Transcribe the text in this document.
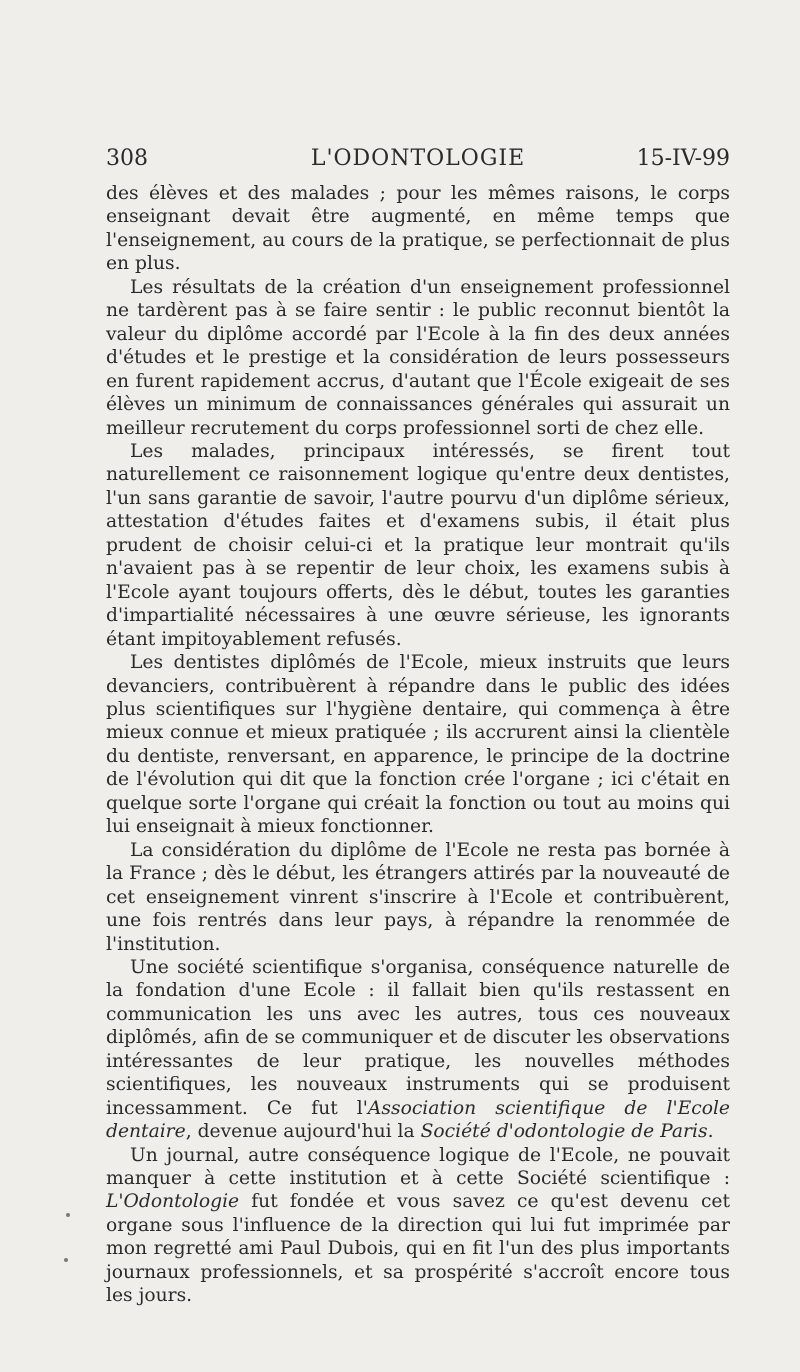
308	L'ODONTOLOGIE	15-IV-99

des élèves et des malades ; pour les mêmes raisons, le corps enseignant devait être augmenté, en même temps que l'enseignement, au cours de la pratique, se perfectionnait de plus en plus.

Les résultats de la création d'un enseignement professionnel ne tardèrent pas à se faire sentir : le public reconnut bientôt la valeur du diplôme accordé par l'Ecole à la fin des deux années d'études et le prestige et la considération de leurs possesseurs en furent rapidement accrus, d'autant que l'École exigeait de ses élèves un minimum de connaissances générales qui assurait un meilleur recrutement du corps professionnel sorti de chez elle.

Les malades, principaux intéressés, se firent tout naturellement ce raisonnement logique qu'entre deux dentistes, l'un sans garantie de savoir, l'autre pourvu d'un diplôme sérieux, attestation d'études faites et d'examens subis, il était plus prudent de choisir celui-ci et la pratique leur montrait qu'ils n'avaient pas à se repentir de leur choix, les examens subis à l'Ecole ayant toujours offerts, dès le début, toutes les garanties d'impartialité nécessaires à une œuvre sérieuse, les ignorants étant impitoyablement refusés.

Les dentistes diplômés de l'Ecole, mieux instruits que leurs devanciers, contribuèrent à répandre dans le public des idées plus scientifiques sur l'hygiène dentaire, qui commença à être mieux connue et mieux pratiquée ; ils accrurent ainsi la clientèle du dentiste, renversant, en apparence, le principe de la doctrine de l'évolution qui dit que la fonction crée l'organe ; ici c'était en quelque sorte l'organe qui créait la fonction ou tout au moins qui lui enseignait à mieux fonctionner.

La considération du diplôme de l'Ecole ne resta pas bornée à la France ; dès le début, les étrangers attirés par la nouveauté de cet enseignement vinrent s'inscrire à l'Ecole et contribuèrent, une fois rentrés dans leur pays, à répandre la renommée de l'institution.

Une société scientifique s'organisa, conséquence naturelle de la fondation d'une Ecole : il fallait bien qu'ils restassent en communication les uns avec les autres, tous ces nouveaux diplômés, afin de se communiquer et de discuter les observations intéressantes de leur pratique, les nouvelles méthodes scientifiques, les nouveaux instruments qui se produisent incessamment. Ce fut l'Association scientifique de l'Ecole dentaire, devenue aujourd'hui la Société d'odontologie de Paris.

Un journal, autre conséquence logique de l'Ecole, ne pouvait manquer à cette institution et à cette Société scientifique : L'Odontologie fut fondée et vous savez ce qu'est devenu cet organe sous l'influence de la direction qui lui fut imprimée par mon regretté ami Paul Dubois, qui en fit l'un des plus importants journaux professionnels, et sa prospérité s'accroît encore tous les jours.
